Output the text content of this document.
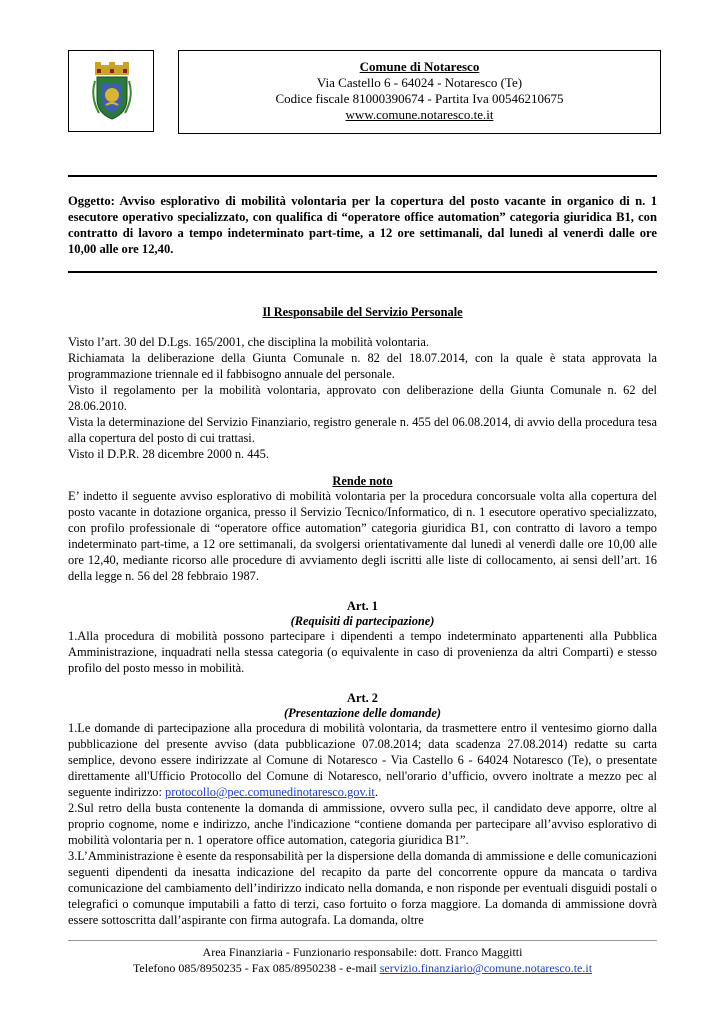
Comune di Notaresco
Via Castello 6 - 64024 - Notaresco (Te)
Codice fiscale 81000390674 - Partita Iva 00546210675
www.comune.notaresco.te.it
Oggetto: Avviso esplorativo di mobilità volontaria per la copertura del posto vacante in organico di n. 1 esecutore operativo specializzato, con qualifica di “operatore office automation” categoria giuridica B1, con contratto di lavoro a tempo indeterminato part-time, a 12 ore settimanali, dal lunedì al venerdì dalle ore 10,00 alle ore 12,40.
Il Responsabile del Servizio Personale

Visto l’art. 30 del D.Lgs. 165/2001, che disciplina la mobilità volontaria.

Richiamata la deliberazione della Giunta Comunale n. 82 del 18.07.2014, con la quale è stata approvata la programmazione triennale ed il fabbisogno annuale del personale.

Visto il regolamento per la mobilità volontaria, approvato con deliberazione della Giunta Comunale n. 62 del 28.06.2010.

Vista la determinazione del Servizio Finanziario, registro generale n. 455 del 06.08.2014, di avvio della procedura tesa alla copertura del posto di cui trattasi.

Visto il D.P.R. 28 dicembre 2000 n. 445.

Rende noto
E’ indetto il seguente avviso esplorativo di mobilità volontaria per la procedura concorsuale volta alla copertura del posto vacante in dotazione organica, presso il Servizio Tecnico/Informatico, di n. 1 esecutore operativo specializzato, con profilo professionale di “operatore office automation” categoria giuridica B1, con contratto di lavoro a tempo indeterminato part-time, a 12 ore settimanali, da svolgersi orientativamente dal lunedì al venerdì dalle ore 10,00 alle ore 12,40, mediante ricorso alle procedure di avviamento degli iscritti alle liste di collocamento, ai sensi dell’art. 16 della legge n. 56 del 28 febbraio 1987.
Art. 1
(Requisiti di partecipazione)
1.Alla procedura di mobilità possono partecipare i dipendenti a tempo indeterminato appartenenti alla Pubblica Amministrazione, inquadrati nella stessa categoria (o equivalente in caso di provenienza da altri Comparti) e stesso profilo del posto messo in mobilità.
Art. 2
(Presentazione delle domande)

1.Le domande di partecipazione alla procedura di mobilità volontaria, da trasmettere entro il ventesimo giorno dalla pubblicazione del presente avviso (data pubblicazione 07.08.2014; data scadenza 27.08.2014) redatte su carta semplice, devono essere indirizzate al Comune di Notaresco - Via Castello 6 - 64024 Notaresco (Te), o presentate direttamente all'Ufficio Protocollo del Comune di Notaresco, nell'orario d’ufficio, ovvero inoltrate a mezzo pec al seguente indirizzo: protocollo@pec.comunedinotaresco.gov.it.

2.Sul retro della busta contenente la domanda di ammissione, ovvero sulla pec, il candidato deve apporre, oltre al proprio cognome, nome e indirizzo, anche l'indicazione “contiene domanda per partecipare all’avviso esplorativo di mobilità volontaria per n. 1 operatore office automation, categoria giuridica B1”.

3.L’Amministrazione è esente da responsabilità per la dispersione della domanda di ammissione e delle comunicazioni seguenti dipendenti da inesatta indicazione del recapito da parte del concorrente oppure da mancata o tardiva comunicazione del cambiamento dell’indirizzo indicato nella domanda, e non risponde per eventuali disguidi postali o telegrafici o comunque imputabili a fatto di terzi, caso fortuito o forza maggiore. La domanda di ammissione dovrà essere sottoscritta dall’aspirante con firma autografa. La domanda, oltre

Area Finanziaria - Funzionario responsabile: dott. Franco Maggitti
Telefono 085/8950235 - Fax 085/8950238 - e-mail servizio.finanziario@comune.notaresco.te.it
